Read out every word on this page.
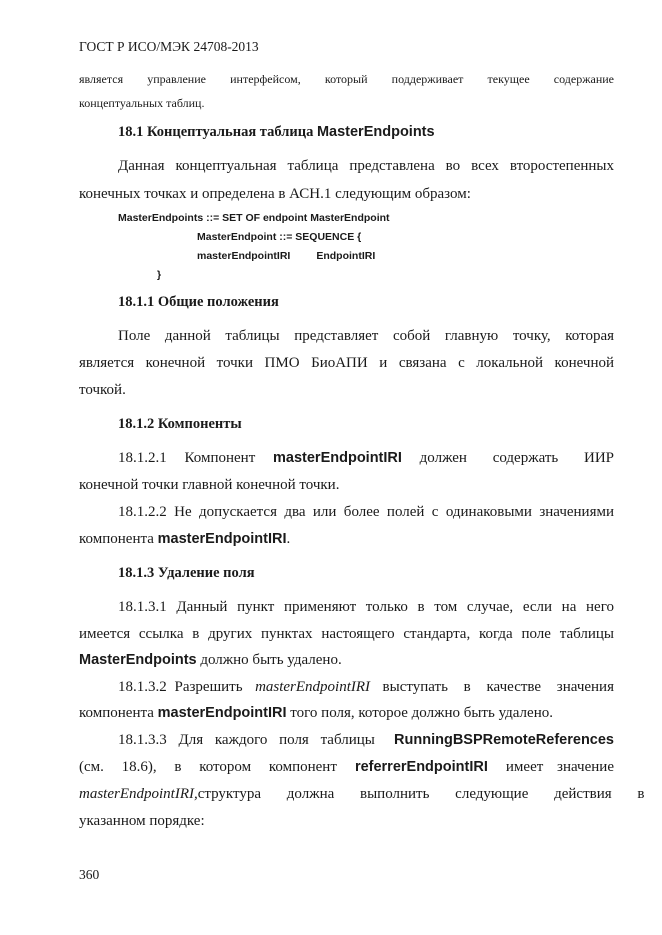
ГОСТ Р ИСО/МЭК 24708-2013
является управление интерфейсом, который поддерживает текущее содержание
концептуальных таблиц.
18.1 Концептуальная таблица MasterEndpoints
Данная концептуальная таблица представлена во всех второстепенных
конечных точках и определена в АСН.1 следующим образом:
MasterEndpoints ::= SET OF endpoint MasterEndpoint
MasterEndpoint ::= SEQUENCE {
masterEndpointIRI EndpointIRI
}
18.1.1 Общие положения
Поле данной таблицы представляет собой главную точку, которая
является конечной точки ПМО БиоАПИ и связана с локальной конечной
точкой.
18.1.2 Компоненты
18.1.2.1 Компонент masterEndpointIRI должен содержать ИИР
конечной точки главной конечной точки.
18.1.2.2 Не допускается два или более полей с одинаковыми значениями
компонента masterEndpointIRI.
18.1.3 Удаление поля
18.1.3.1 Данный пункт применяют только в том случае, если на него
имеется ссылка в других пунктах настоящего стандарта, когда поле таблицы
MasterEndpoints должно быть удалено.
18.1.3.2 Разрешить masterEndpointIRI выступать в качестве значения
компонента masterEndpointIRI того поля, которое должно быть удалено.
18.1.3.3 Для каждого поля таблицы RunningBSPRemoteReferences
(см. 18.6), в котором компонент referrerEndpointIRI имеет значение
masterEndpointIRI, структура должна выполнить следующие действия в
указанном порядке:
360
